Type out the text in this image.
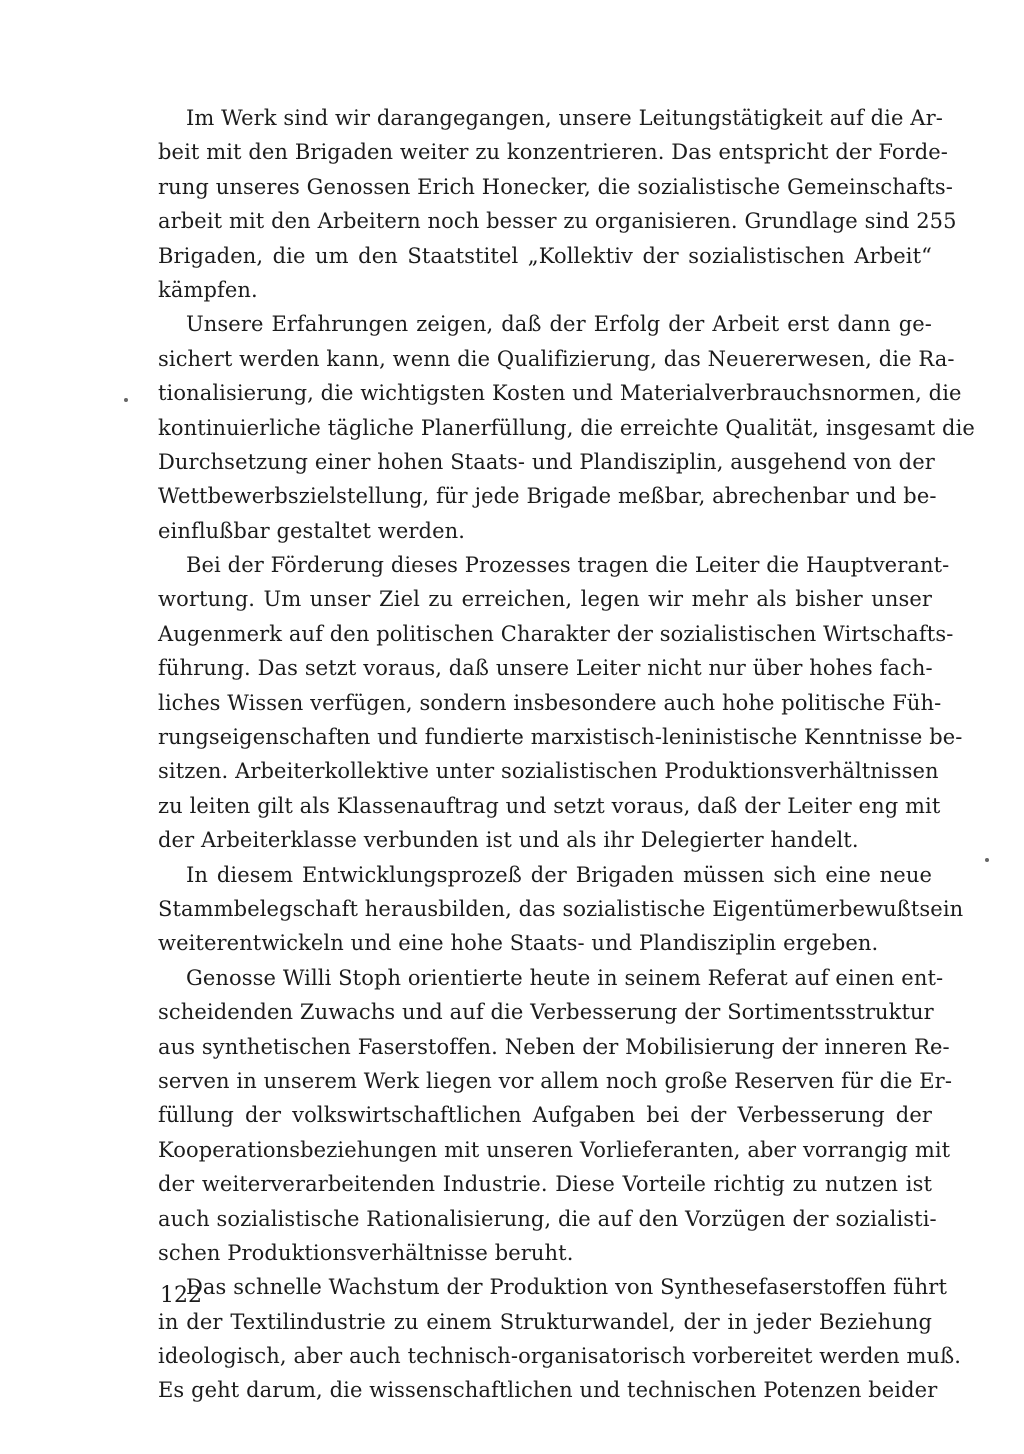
Im Werk sind wir darangegangen, unsere Leitungstätigkeit auf die Ar-
beit mit den Brigaden weiter zu konzentrieren. Das entspricht der Forde-
rung unseres Genossen Erich Honecker, die sozialistische Gemeinschafts-
arbeit mit den Arbeitern noch besser zu organisieren. Grundlage sind 255
Brigaden, die um den Staatstitel „Kollektiv der sozialistischen Arbeit“
kämpfen.
Unsere Erfahrungen zeigen, daß der Erfolg der Arbeit erst dann ge-
sichert werden kann, wenn die Qualifizierung, das Neuererwesen, die Ra-
tionalisierung, die wichtigsten Kosten und Materialverbrauchsnormen, die
kontinuierliche tägliche Planerfüllung, die erreichte Qualität, insgesamt die
Durchsetzung einer hohen Staats- und Plandisziplin, ausgehend von der
Wettbewerbszielstellung, für jede Brigade meßbar, abrechenbar und be-
einflußbar gestaltet werden.
Bei der Förderung dieses Prozesses tragen die Leiter die Hauptverant-
wortung. Um unser Ziel zu erreichen, legen wir mehr als bisher unser
Augenmerk auf den politischen Charakter der sozialistischen Wirtschafts-
führung. Das setzt voraus, daß unsere Leiter nicht nur über hohes fach-
liches Wissen verfügen, sondern insbesondere auch hohe politische Füh-
rungseigenschaften und fundierte marxistisch-leninistische Kenntnisse be-
sitzen. Arbeiterkollektive unter sozialistischen Produktionsverhältnissen
zu leiten gilt als Klassenauftrag und setzt voraus, daß der Leiter eng mit
der Arbeiterklasse verbunden ist und als ihr Delegierter handelt.
In diesem Entwicklungsprozeß der Brigaden müssen sich eine neue
Stammbelegschaft herausbilden, das sozialistische Eigentümerbewußtsein
weiterentwickeln und eine hohe Staats- und Plandisziplin ergeben.
Genosse Willi Stoph orientierte heute in seinem Referat auf einen ent-
scheidenden Zuwachs und auf die Verbesserung der Sortimentsstruktur
aus synthetischen Faserstoffen. Neben der Mobilisierung der inneren Re-
serven in unserem Werk liegen vor allem noch große Reserven für die Er-
füllung der volkswirtschaftlichen Aufgaben bei der Verbesserung der
Kooperationsbeziehungen mit unseren Vorlieferanten, aber vorrangig mit
der weiterverarbeitenden Industrie. Diese Vorteile richtig zu nutzen ist
auch sozialistische Rationalisierung, die auf den Vorzügen der sozialisti-
schen Produktionsverhältnisse beruht.
Das schnelle Wachstum der Produktion von Synthesefaserstoffen führt
in der Textilindustrie zu einem Strukturwandel, der in jeder Beziehung
ideologisch, aber auch technisch-organisatorisch vorbereitet werden muß.
Es geht darum, die wissenschaftlichen und technischen Potenzen beider
122
